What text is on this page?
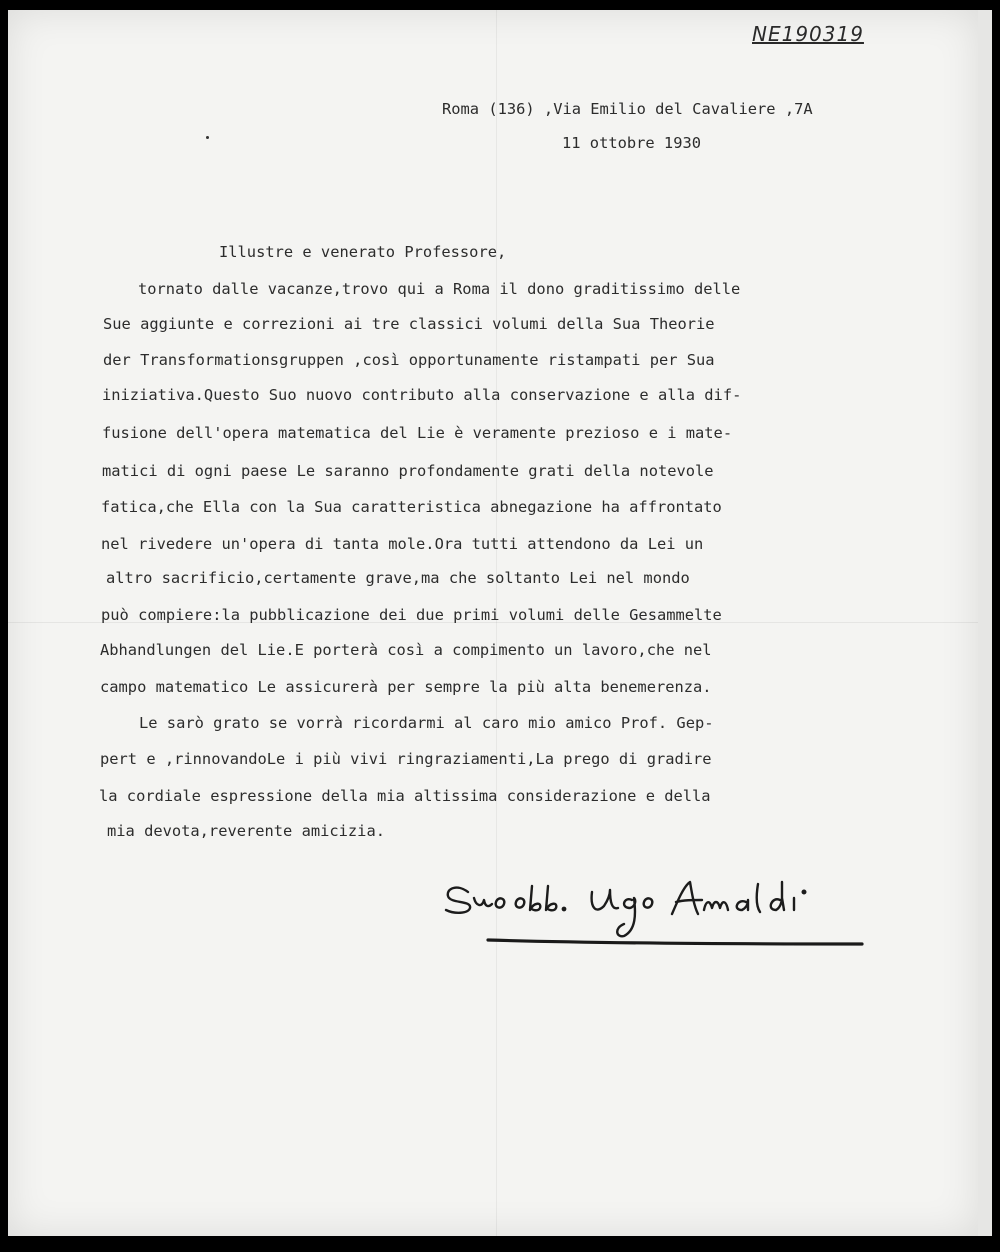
NE190319
Roma (136) ,Via Emilio del Cavaliere ,7A
11 ottobre 1930
Illustre e venerato Professore,
tornato dalle vacanze,trovo qui a Roma il dono graditissimo delle
Sue aggiunte e correzioni ai tre classici volumi della Sua Theorie
der Transformationsgruppen ,così opportunamente ristampati per Sua
iniziativa.Questo Suo nuovo contributo alla conservazione e alla dif-
fusione dell'opera matematica del Lie è veramente prezioso e i mate-
matici di ogni paese Le saranno profondamente grati della notevole
fatica,che Ella con la Sua caratteristica abnegazione ha affrontato
nel rivedere un'opera di tanta mole.Ora tutti attendono da Lei un
altro sacrificio,certamente grave,ma che soltanto Lei nel mondo
può compiere:la pubblicazione dei due primi volumi delle Gesammelte
Abhandlungen del Lie.E porterà così a compimento un lavoro,che nel
campo matematico Le assicurerà per sempre la più alta benemerenza.
Le sarò grato se vorrà ricordarmi al caro mio amico Prof. Gep-
pert e ,rinnovandoLe i più vivi ringraziamenti,La prego di gradire
la cordiale espressione della mia altissima considerazione e della
mia devota,reverente amicizia.
